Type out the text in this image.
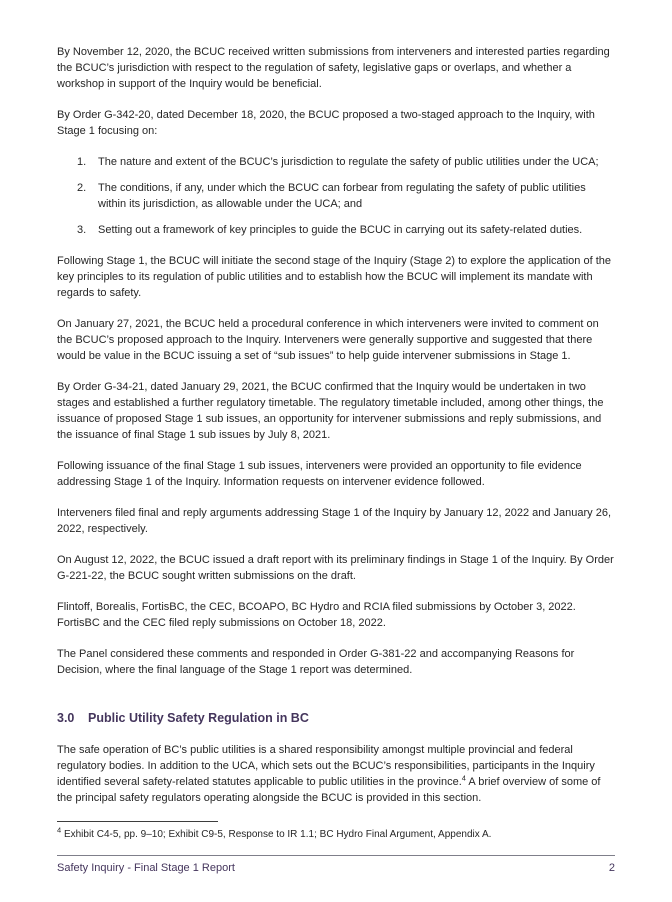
By November 12, 2020, the BCUC received written submissions from interveners and interested parties regarding the BCUC’s jurisdiction with respect to the regulation of safety, legislative gaps or overlaps, and whether a workshop in support of the Inquiry would be beneficial.

By Order G-342-20, dated December 18, 2020, the BCUC proposed a two-staged approach to the Inquiry, with Stage 1 focusing on:

1.	The nature and extent of the BCUC’s jurisdiction to regulate the safety of public utilities under the UCA;
2.	The conditions, if any, under which the BCUC can forbear from regulating the safety of public utilities within its jurisdiction, as allowable under the UCA; and
3.	Setting out a framework of key principles to guide the BCUC in carrying out its safety-related duties.

Following Stage 1, the BCUC will initiate the second stage of the Inquiry (Stage 2) to explore the application of the key principles to its regulation of public utilities and to establish how the BCUC will implement its mandate with regards to safety.

On January 27, 2021, the BCUC held a procedural conference in which interveners were invited to comment on the BCUC’s proposed approach to the Inquiry. Interveners were generally supportive and suggested that there would be value in the BCUC issuing a set of “sub issues” to help guide intervener submissions in Stage 1.

By Order G-34-21, dated January 29, 2021, the BCUC confirmed that the Inquiry would be undertaken in two stages and established a further regulatory timetable. The regulatory timetable included, among other things, the issuance of proposed Stage 1 sub issues, an opportunity for intervener submissions and reply submissions, and the issuance of final Stage 1 sub issues by July 8, 2021.

Following issuance of the final Stage 1 sub issues, interveners were provided an opportunity to file evidence addressing Stage 1 of the Inquiry. Information requests on intervener evidence followed.

Interveners filed final and reply arguments addressing Stage 1 of the Inquiry by January 12, 2022 and January 26, 2022, respectively.

On August 12, 2022, the BCUC issued a draft report with its preliminary findings in Stage 1 of the Inquiry. By Order G-221-22, the BCUC sought written submissions on the draft.

Flintoff, Borealis, FortisBC, the CEC, BCOAPO, BC Hydro and RCIA filed submissions by October 3, 2022. FortisBC and the CEC filed reply submissions on October 18, 2022.

The Panel considered these comments and responded in Order G-381-22 and accompanying Reasons for Decision, where the final language of the Stage 1 report was determined.

3.0	Public Utility Safety Regulation in BC

The safe operation of BC’s public utilities is a shared responsibility amongst multiple provincial and federal regulatory bodies. In addition to the UCA, which sets out the BCUC’s responsibilities, participants in the Inquiry identified several safety-related statutes applicable to public utilities in the province.$^4$ A brief overview of some of the principal safety regulators operating alongside the BCUC is provided in this section.

$^4$ Exhibit C4-5, pp. 9–10; Exhibit C9-5, Response to IR 1.1; BC Hydro Final Argument, Appendix A.

Safety Inquiry - Final Stage 1 Report	2
